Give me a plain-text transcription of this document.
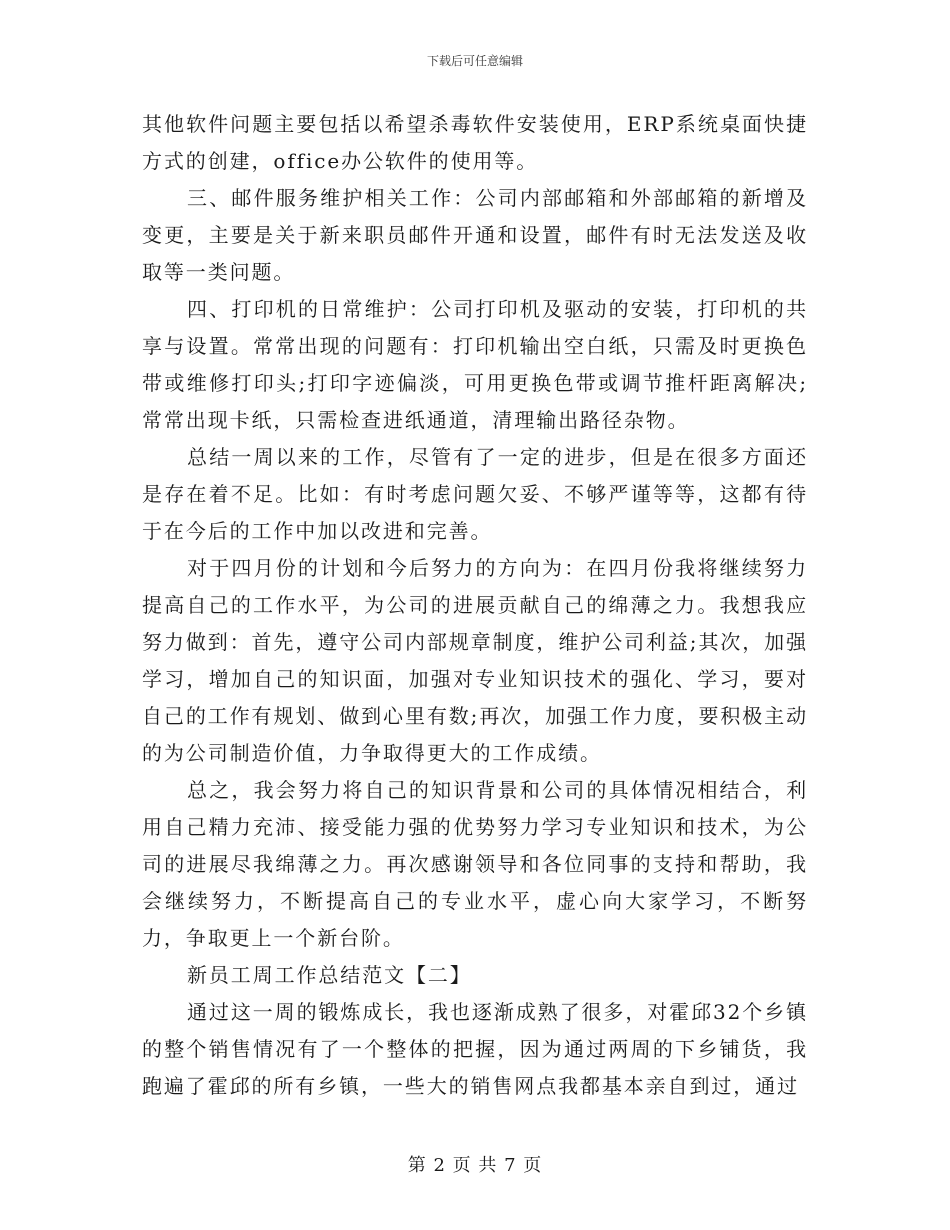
下载后可任意编辑

其他软件问题主要包括以希望杀毒软件安装使用，ERP系统桌面快捷方式的创建，office办公软件的使用等。

三、邮件服务维护相关工作：公司内部邮箱和外部邮箱的新增及变更，主要是关于新来职员邮件开通和设置，邮件有时无法发送及收取等一类问题。

四、打印机的日常维护：公司打印机及驱动的安装，打印机的共享与设置。常常出现的问题有：打印机输出空白纸，只需及时更换色带或维修打印头;打印字迹偏淡，可用更换色带或调节推杆距离解决;常常出现卡纸，只需检查进纸通道，清理输出路径杂物。

总结一周以来的工作，尽管有了一定的进步，但是在很多方面还是存在着不足。比如：有时考虑问题欠妥、不够严谨等等，这都有待于在今后的工作中加以改进和完善。

对于四月份的计划和今后努力的方向为：在四月份我将继续努力提高自己的工作水平，为公司的进展贡献自己的绵薄之力。我想我应努力做到：首先，遵守公司内部规章制度，维护公司利益;其次，加强学习，增加自己的知识面，加强对专业知识技术的强化、学习，要对自己的工作有规划、做到心里有数;再次，加强工作力度，要积极主动的为公司制造价值，力争取得更大的工作成绩。

总之，我会努力将自己的知识背景和公司的具体情况相结合，利用自己精力充沛、接受能力强的优势努力学习专业知识和技术，为公司的进展尽我绵薄之力。再次感谢领导和各位同事的支持和帮助，我会继续努力，不断提高自己的专业水平，虚心向大家学习，不断努力，争取更上一个新台阶。

新员工周工作总结范文【二】

通过这一周的锻炼成长，我也逐渐成熟了很多，对霍邱32个乡镇的整个销售情况有了一个整体的把握，因为通过两周的下乡铺货，我跑遍了霍邱的所有乡镇，一些大的销售网点我都基本亲自到过，通过

第 2 页 共 7 页
